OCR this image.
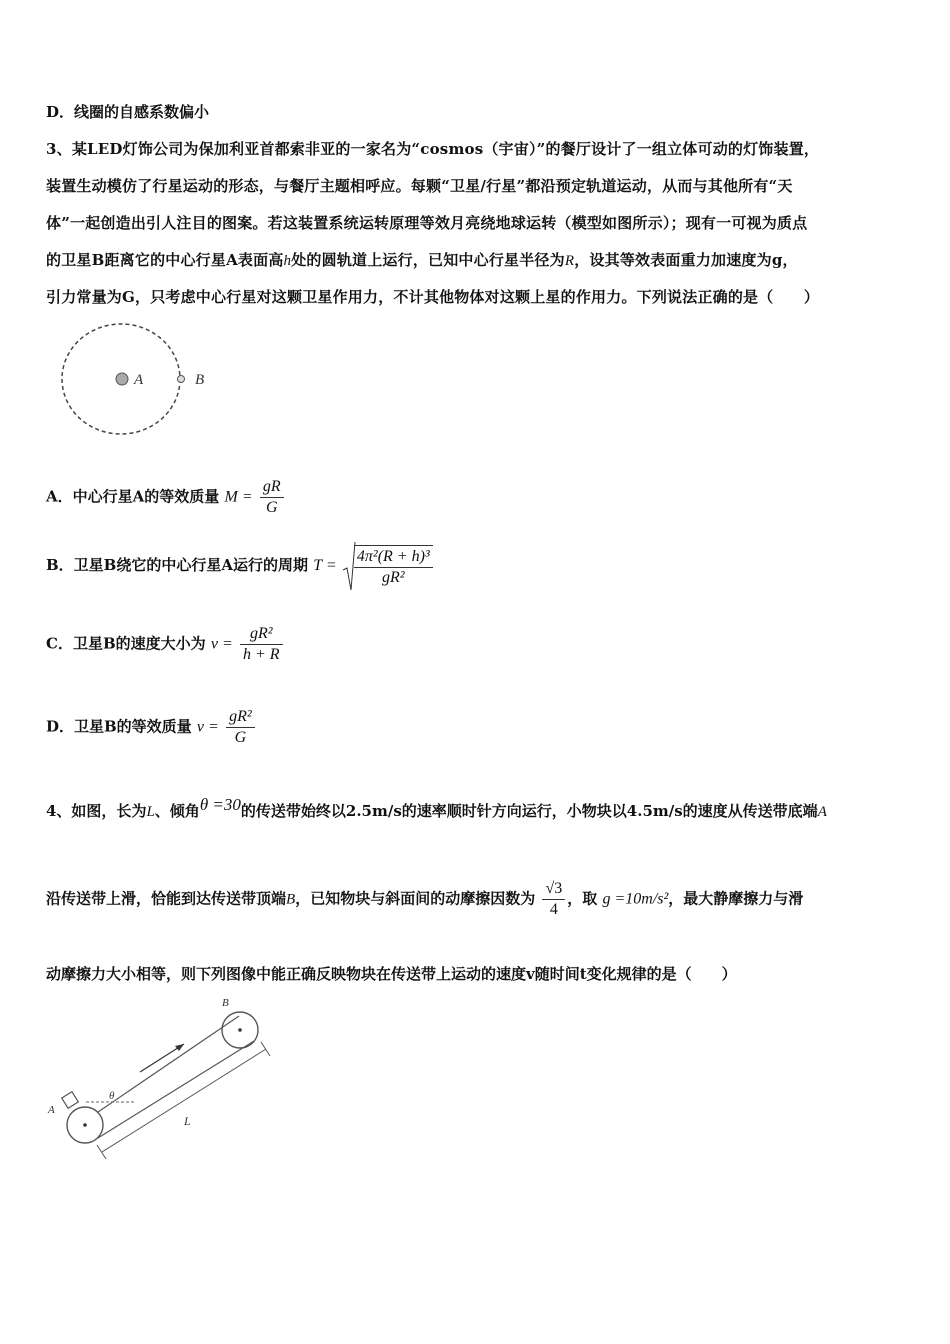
D．线圈的自感系数偏小
3、某LED灯饰公司为保加利亚首都索非亚的一家名为“cosmos（宇宙）”的餐厅设计了一组立体可动的灯饰装置，
装置生动模仿了行星运动的形态，与餐厅主题相呼应。每颗“卫星/行星”都沿预定轨道运动，从而与其他所有“天
体”一起创造出引人注目的图案。若这装置系统运转原理等效月亮绕地球运转（模型如图所示）；现有一可视为质点
的卫星B距离它的中心行星A表面高h处的圆轨道上运行，已知中心行星半径为R，设其等效表面重力加速度为g，
引力常量为G，只考虑中心行星对这颗卫星作用力，不计其他物体对这颗上星的作用力。下列说法正确的是（　　）
A	B
A．中心行星A的等效质量 $M = \frac{gR}{G}$
B．卫星B绕它的中心行星A运行的周期 $T = \frac{\text{4π²(R + h)³}}{\text{gR²}}$
C．卫星B的速度大小为 $v = \frac{\text{gR²}}{h + R}$
D．卫星B的等效质量 $v = \frac{\text{gR²}}{G}$
4、如图，长为L、倾角θ =30的传送带始终以2.5m/s的速率顺时针方向运行，小物块以4.5m/s的速度从传送带底端A
沿传送带上滑，恰能到达传送带顶端B，已知物块与斜面间的动摩擦因数为 $\frac{√3}{4}$ ，取 g =10m/s²，最大静摩擦力与滑
动摩擦力大小相等，则下列图像中能正确反映物块在传送带上运动的速度v随时间t变化规律的是（　　）
θ
A
B
L
